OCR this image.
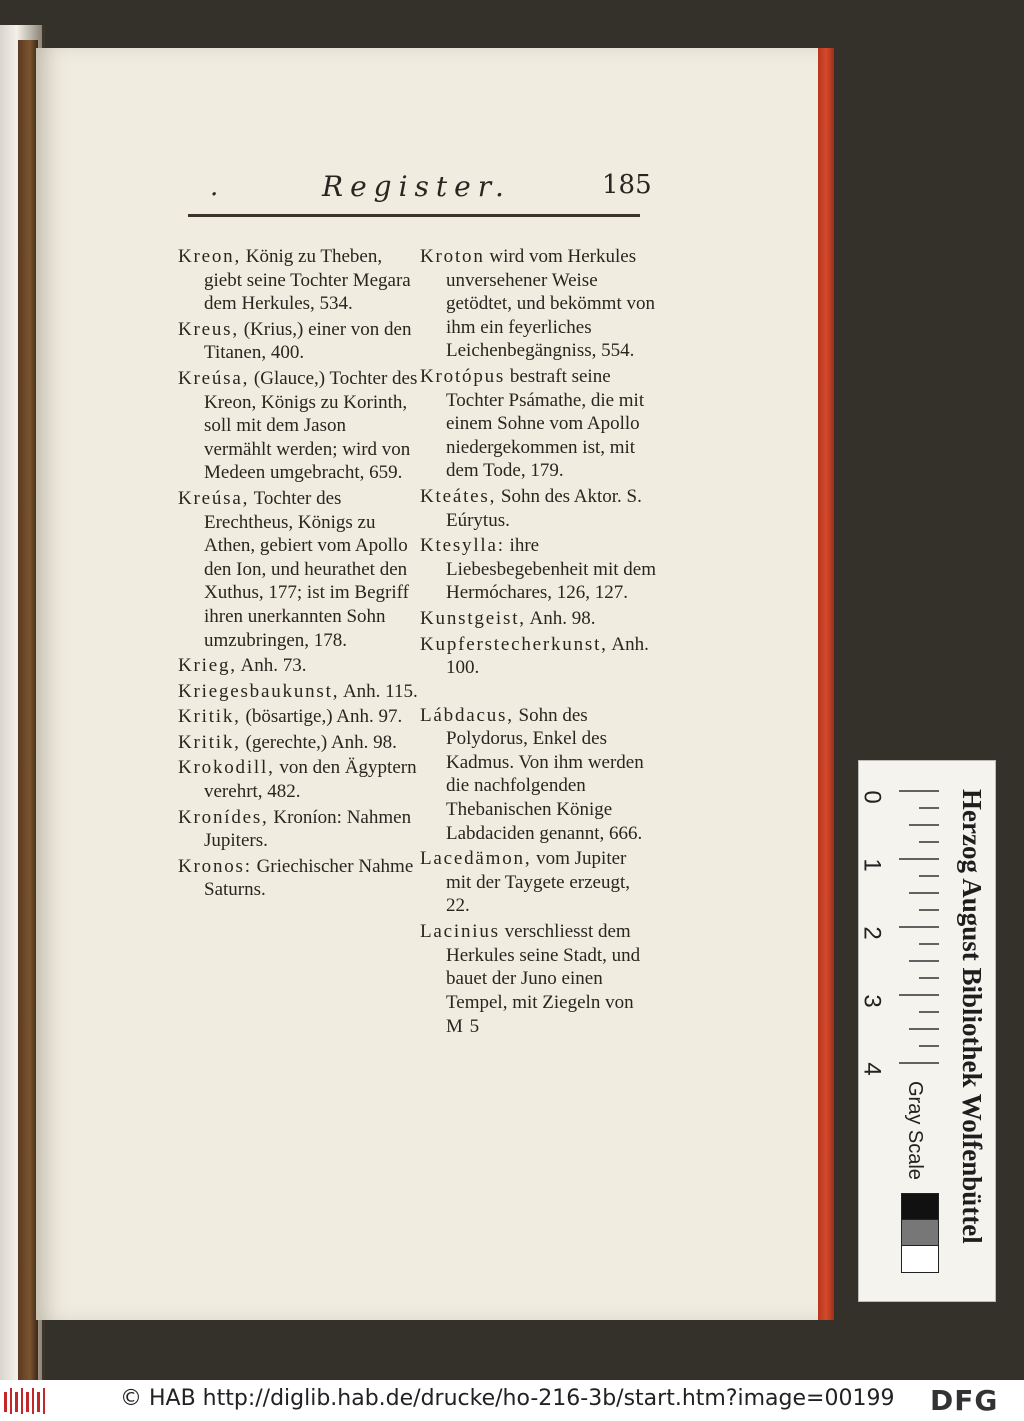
.	Register.	185
Kreon, König zu Theben, giebt seine Tochter Megara dem Herkules, 534.
Kreus, (Krius,) einer von den Titanen, 400.
Kreúsa, (Glauce,) Tochter des Kreon, Königs zu Korinth, soll mit dem Jason vermählt werden; wird von Medeen umgebracht, 659.
Kreúsa, Tochter des Erechtheus, Königs zu Athen, gebiert vom Apollo den Ion, und heurathet den Xuthus, 177; ist im Begriff ihren unerkannten Sohn umzubringen, 178.
Krieg, Anh. 73.
Kriegesbaukunst, Anh. 115.
Kritik, (bösartige,) Anh. 97.
Kritik, (gerechte,) Anh. 98.
Krokodill, von den Ägyptern verehrt, 482.
Kronídes, Kroníon: Nahmen Jupiters.
Kronos: Griechischer Nahme Saturns.
Kroton wird vom Herkules unversehener Weise getödtet, und bekömmt von ihm ein feyerliches Leichenbegängniss, 554.
Krotópus bestraft seine Tochter Psámathe, die mit einem Sohne vom Apollo niedergekommen ist, mit dem Tode, 179.
Kteátes, Sohn des Aktor. S. Eúrytus.
Ktesylla: ihre Liebesbegebenheit mit dem Hermóchares, 126, 127.
Kunstgeist, Anh. 98.
Kupferstecherkunst, Anh. 100.
Lábdacus, Sohn des Polydorus, Enkel des Kadmus. Von ihm werden die nachfolgenden Thebanischen Könige Labdaciden genannt, 666.
Lacedämon, vom Jupiter mit der Taygete erzeugt, 22.
Lacinius verschliesst dem Herkules seine Stadt, und bauet der Juno einen Tempel, mit Ziegeln von
M 5
0
1
2
3
4
Gray Scale	Herzog August Bibliothek Wolfenbüttel
© HAB http://diglib.hab.de/drucke/ho-216-3b/start.htm?image=00199 DFG
